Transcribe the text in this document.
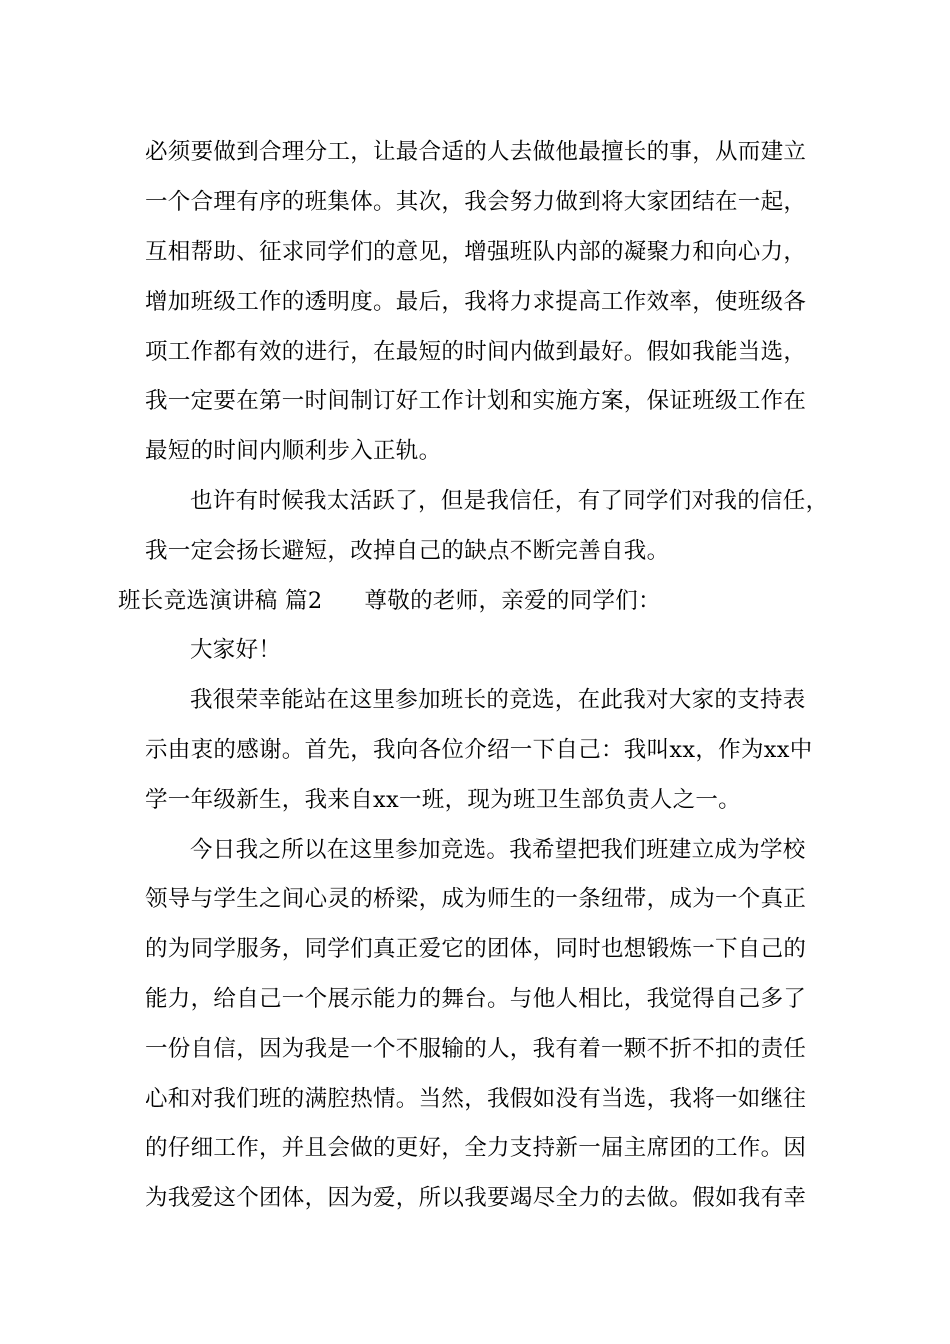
必须要做到合理分工，让最合适的人去做他最擅长的事，从而建立

一个合理有序的班集体。其次，我会努力做到将大家团结在一起，

互相帮助、征求同学们的意见，增强班队内部的凝聚力和向心力，

增加班级工作的透明度。最后，我将力求提高工作效率，使班级各

项工作都有效的进行，在最短的时间内做到最好。假如我能当选，

我一定要在第一时间制订好工作计划和实施方案，保证班级工作在

最短的时间内顺利步入正轨。

也许有时候我太活跃了，但是我信任，有了同学们对我的信任，

我一定会扬长避短，改掉自己的缺点不断完善自我。

班长竞选演讲稿 篇2 尊敬的老师，亲爱的同学们：

大家好！

我很荣幸能站在这里参加班长的竞选，在此我对大家的支持表

示由衷的感谢。首先，我向各位介绍一下自己：我叫xx，作为xx中

学一年级新生，我来自xx一班，现为班卫生部负责人之一。

今日我之所以在这里参加竞选。我希望把我们班建立成为学校

领导与学生之间心灵的桥梁，成为师生的一条纽带，成为一个真正

的为同学服务，同学们真正爱它的团体，同时也想锻炼一下自己的

能力，给自己一个展示能力的舞台。与他人相比，我觉得自己多了

一份自信，因为我是一个不服输的人，我有着一颗不折不扣的责任

心和对我们班的满腔热情。当然，我假如没有当选，我将一如继往

的仔细工作，并且会做的更好，全力支持新一届主席团的工作。因

为我爱这个团体，因为爱，所以我要竭尽全力的去做。假如我有幸
